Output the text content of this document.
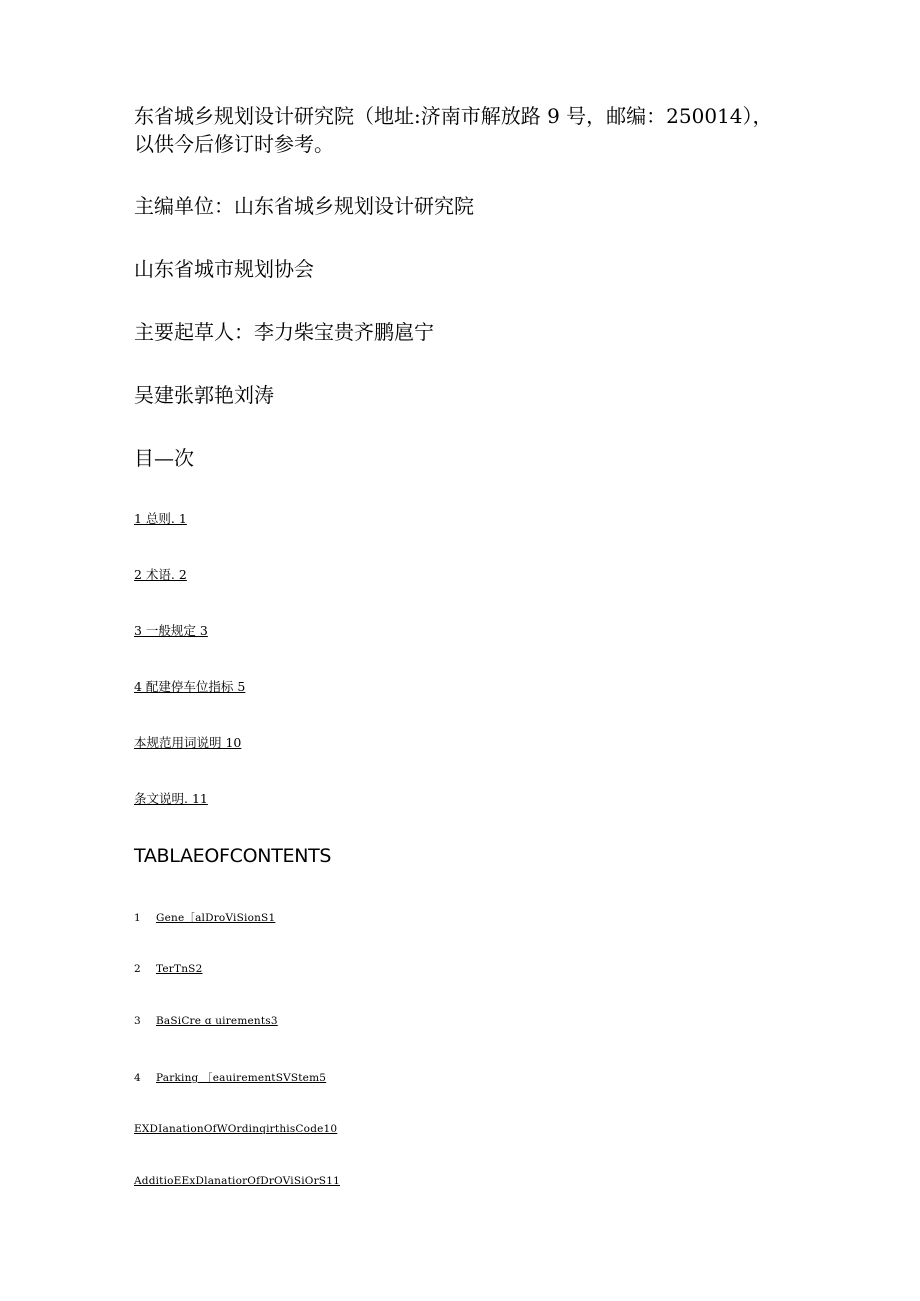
东省城乡规划设计研究院（地址:济南市解放路 9 号，邮编：250014），
以供今后修订时参考。
主编单位：山东省城乡规划设计研究院
山东省城市规划协会
主要起草人：李力柴宝贵齐鹏扈宁
吴建张郭艳刘涛
目—次
1 总则. 1
2 术语. 2
3 一般规定 3
4 配建停车位指标 5
本规范用词说明 10
条文说明. 11
TABLAEOFCONTENTS
1 Gene［alDroViSionS1
2 TerTnS2
3 BaSiCre ɑ uirements3
4 Parking ［eauirementSVStem5
EXDIanationOfWOrdinqirthisCode10
AdditioEExDlanatiorOfDrOViSiOrS11
